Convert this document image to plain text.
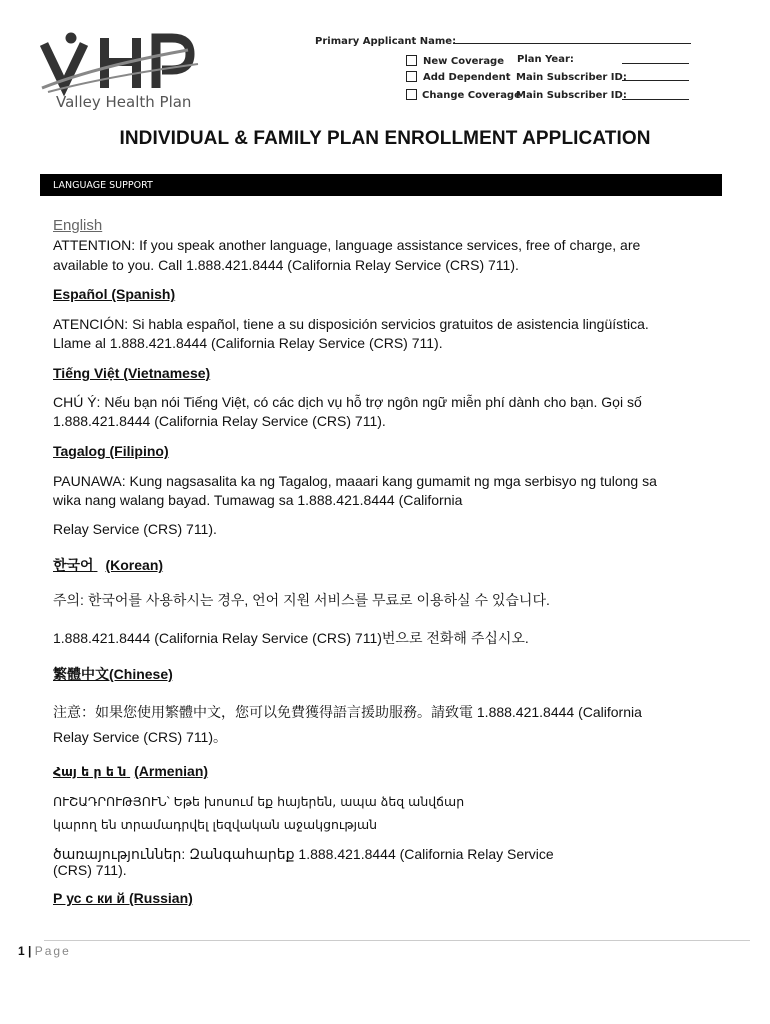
Valley Health Plan
Primary Applicant Name:
New Coverage
Add Dependent
Change Coverage
Plan Year:
Main Subscriber ID:
Main Subscriber ID:
INDIVIDUAL & FAMILY PLAN ENROLLMENT APPLICATION
LANGUAGE SUPPORT
English
ATTENTION: If you speak another language, language assistance services, free of charge, are
available to you. Call 1.888.421.8444 (California Relay Service (CRS) 711).
Español (Spanish)
ATENCIÓN: Si habla español, tiene a su disposición servicios gratuitos de asistencia lingüística.
Llame al 1.888.421.8444 (California Relay Service (CRS) 711).
Tiếng Việt (Vietnamese)
CHÚ Ý: Nếu bạn nói Tiếng Việt, có các dịch vụ hỗ trợ ngôn ngữ miễn phí dành cho bạn. Gọi số
1.888.421.8444 (California Relay Service (CRS) 711).
Tagalog (Filipino)
PAUNAWA: Kung nagsasalita ka ng Tagalog, maaari kang gumamit ng mga serbisyo ng tulong sa
wika nang walang bayad. Tumawag sa 1.888.421.8444 (California
Relay Service (CRS) 711).
한국어 (Korean)
주의: 한국어를 사용하시는 경우, 언어 지원 서비스를 무료로 이용하실 수 있습니다.
1.888.421.8444 (California Relay Service (CRS) 711)번으로 전화해 주십시오.
繁體中文(Chinese)
注意：如果您使用繁體中文，您可以免費獲得語言援助服務。請致電 1.888.421.8444 (California
Relay Service (CRS) 711)。
Հայ ե ր ե ն (Armenian)
ՈՒՇԱԴՐՈՒԹՅՈՒՆ՝ Եթե խոսում եք հայերեն, ապա ձեզ անվճար
կարող են տրամադրվել լեզվական աջակցության
ծառայություններ: Զանգահարեք 1.888.421.8444 (California Relay Service
(CRS) 711).
Р ус с ки й (Russian)
1 | Page
